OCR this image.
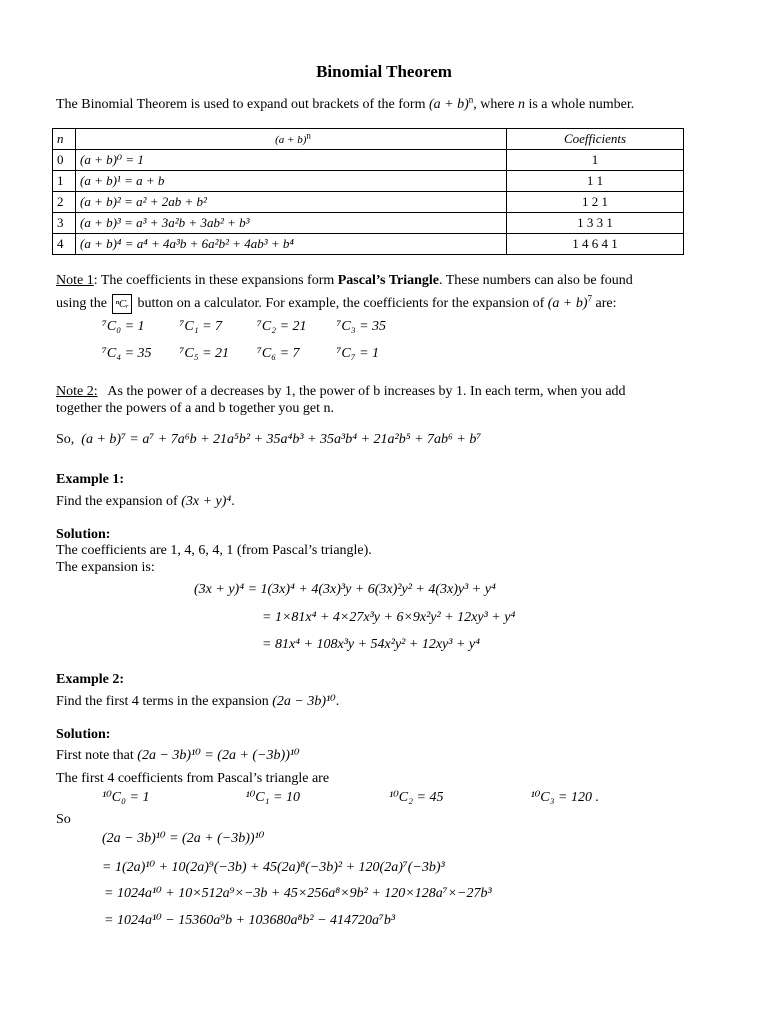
Binomial Theorem
The Binomial Theorem is used to expand out brackets of the form $(a + b)^n$, where n is a whole number.
n	$(a + b)^n$	Coefficients
0	(a + b)⁰ = 1	1
1	(a + b)¹ = a + b	1 1
2	(a + b)² = a² + 2ab + b²	1 2 1
3	(a + b)³ = a³ + 3a²b + 3ab² + b³	1 3 3 1
4	(a + b)⁴ = a⁴ + 4a³b + 6a²b² + 4ab³ + b⁴	1 4 6 4 1
Note 1: The coefficients in these expansions form Pascal’s Triangle. These numbers can also be found
using the ⁿCᵣ button on a calculator. For example, the coefficients for the expansion of $(a + b)^7$ are:
⁷C₀ = 1 ⁷C₁ = 7 ⁷C₂ = 21 ⁷C₃ = 35
⁷C₄ = 35 ⁷C₅ = 21 ⁷C₆ = 7	⁷C₇ = 1
Note 2: As the power of a decreases by 1, the power of b increases by 1. In each term, when you add
together the powers of a and b together you get n.
So, (a + b)⁷ = a⁷ + 7a⁶b + 21a⁵b² + 35a⁴b³ + 35a³b⁴ + 21a²b⁵ + 7ab⁶ + b⁷
Example 1:
Find the expansion of (3x + y)⁴.
Solution:
The coefficients are 1, 4, 6, 4, 1 (from Pascal’s triangle).
The expansion is:
(3x + y)⁴ = 1(3x)⁴ + 4(3x)³y + 6(3x)²y² + 4(3x)y³ + y⁴
= 1×81x⁴ + 4×27x³y + 6×9x²y² + 12xy³ + y⁴
= 81x⁴ + 108x³y + 54x²y² + 12xy³ + y⁴
Example 2:
Find the first 4 terms in the expansion (2a − 3b)¹⁰.
Solution:
First note that (2a − 3b)¹⁰ = (2a + (−3b))¹⁰
The first 4 coefficients from Pascal’s triangle are
¹⁰C₀ = 1	¹⁰C₁ = 10	¹⁰C₂ = 45	¹⁰C₃ = 120 .
So
(2a − 3b)¹⁰ = (2a + (−3b))¹⁰
= 1(2a)¹⁰ + 10(2a)⁹(−3b) + 45(2a)⁸(−3b)² + 120(2a)⁷(−3b)³
= 1024a¹⁰ + 10×512a⁹×−3b + 45×256a⁸×9b² + 120×128a⁷×−27b³
= 1024a¹⁰ − 15360a⁹b + 103680a⁸b² − 414720a⁷b³
